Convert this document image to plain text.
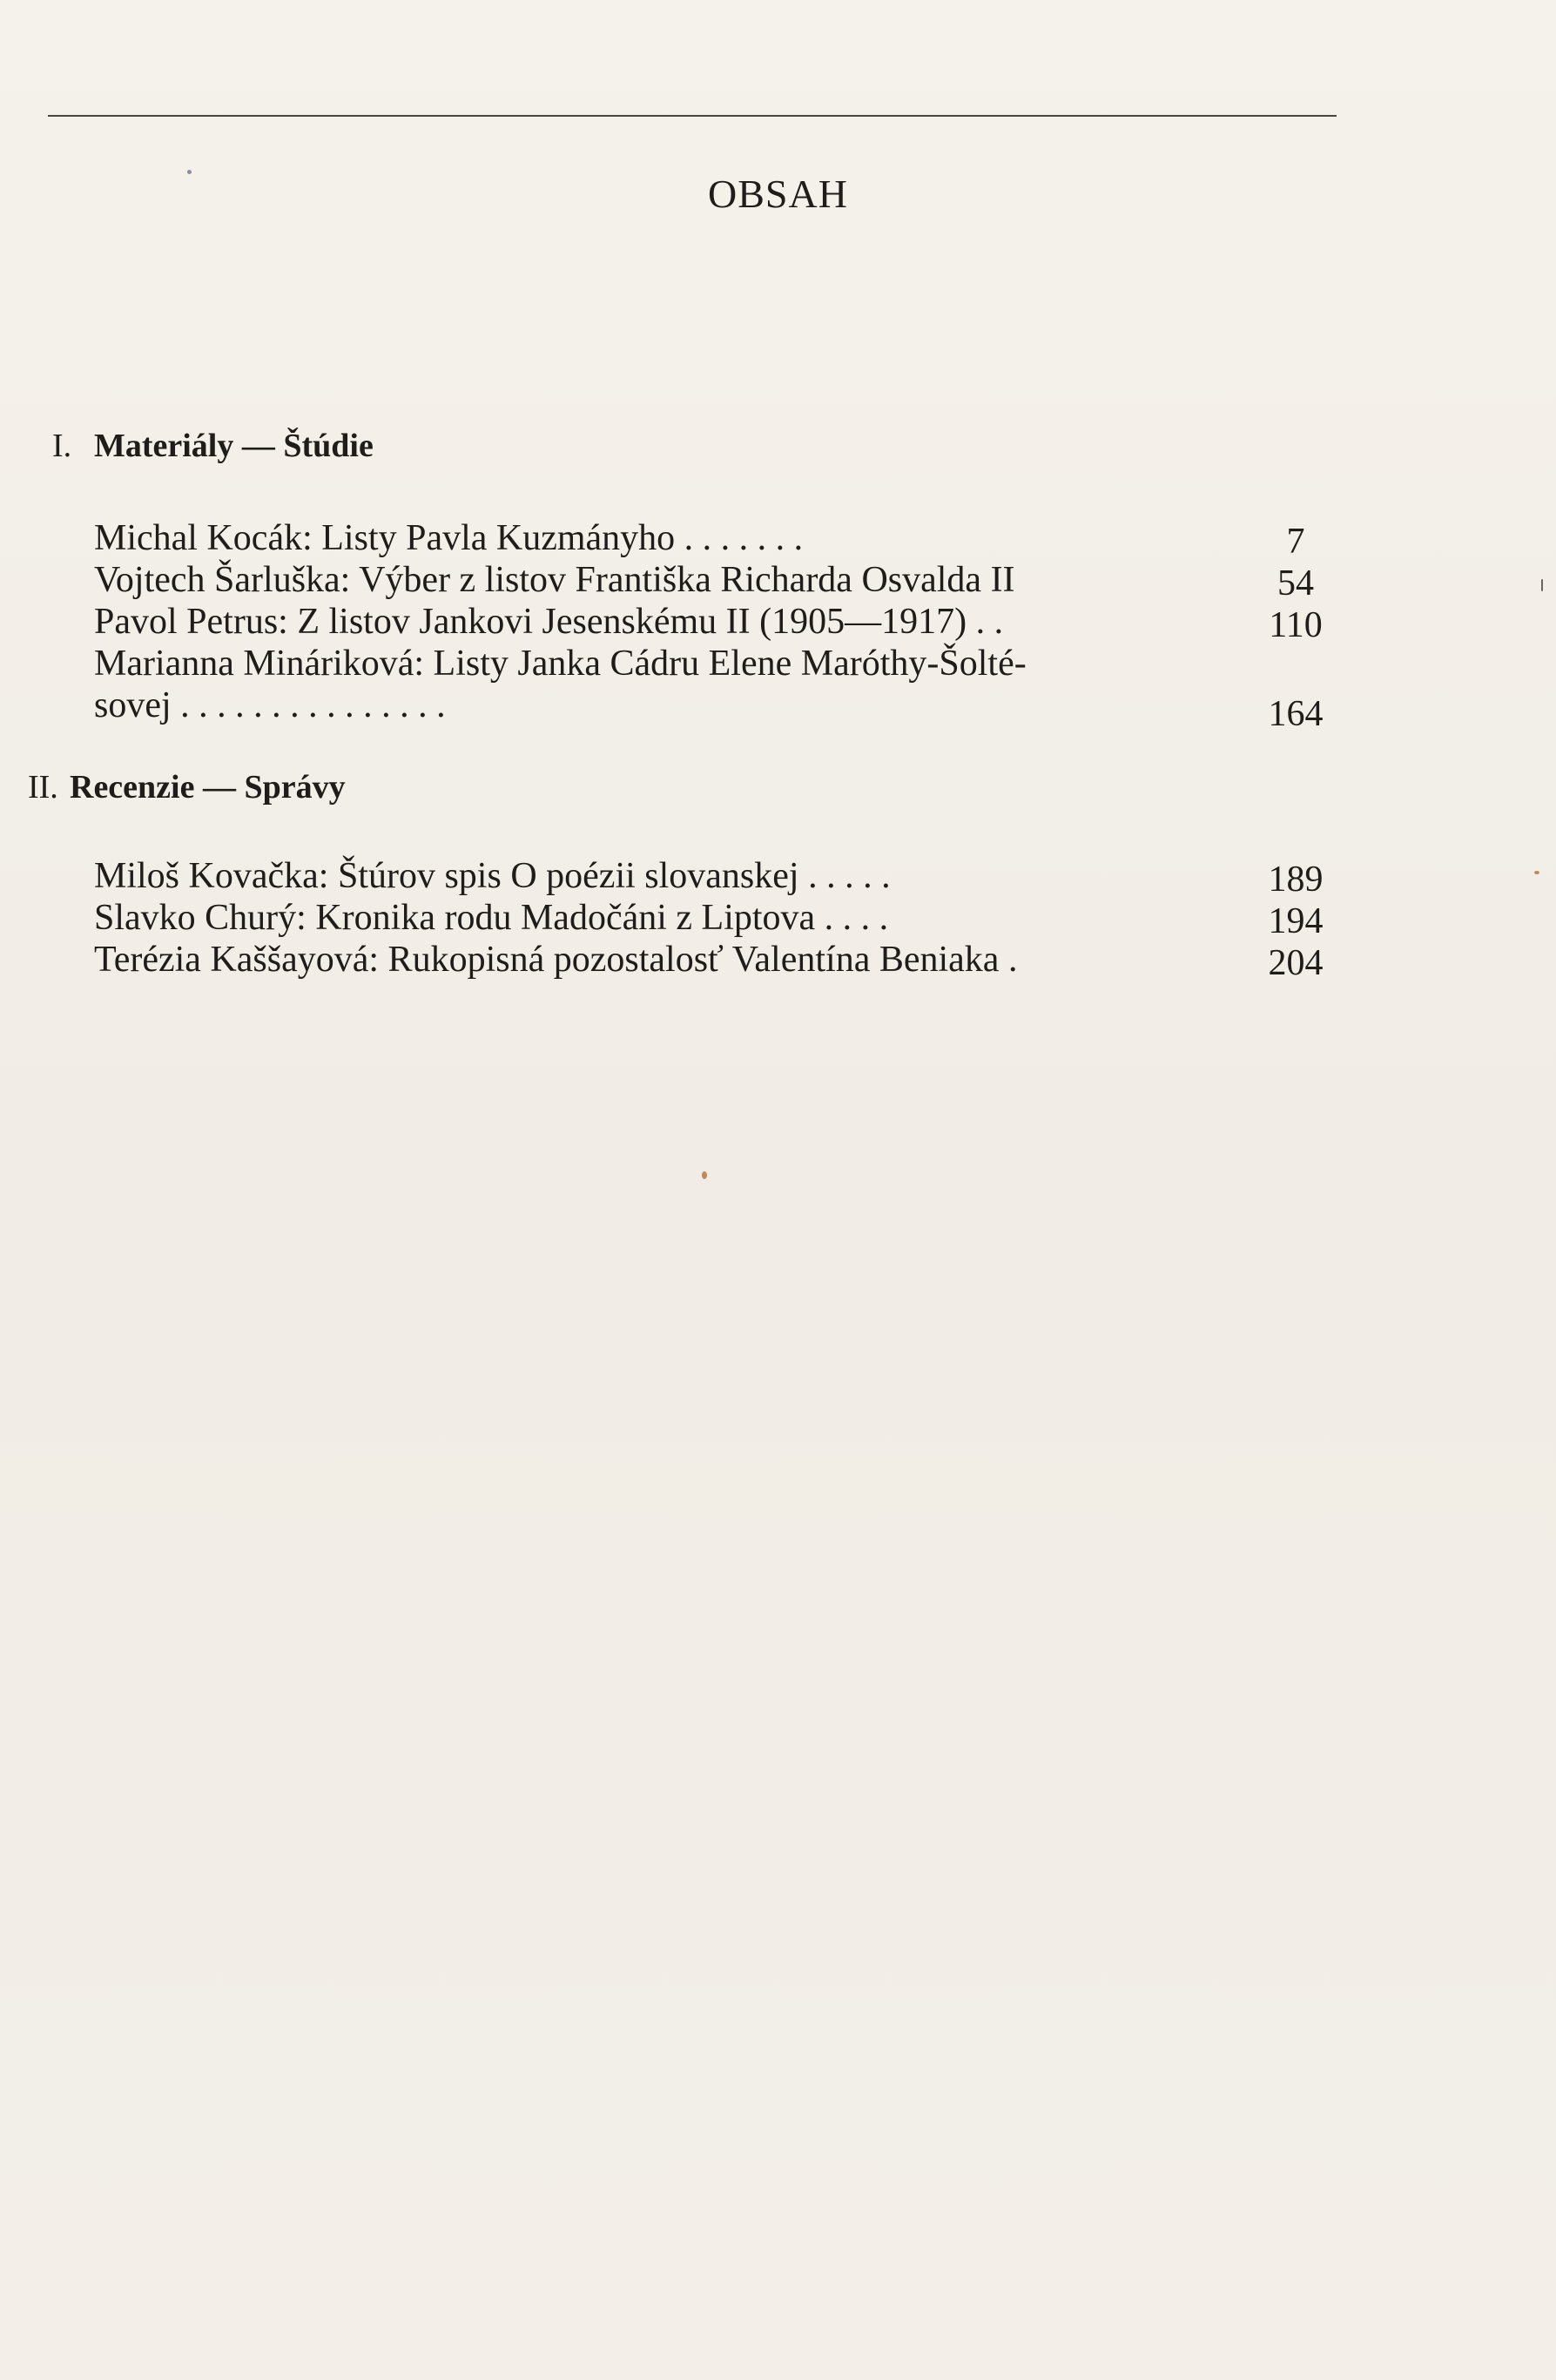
OBSAH
I. Materiály — Štúdie
Michal Kocák: Listy Pavla Kuzmányho . . . . . . .	7
Vojtech Šarluška: Výber z listov Františka Richarda Osvalda II	54
Pavol Petrus: Z listov Jankovi Jesenskému II (1905—1917) . .	110
Marianna Mináriková: Listy Janka Cádru Elene Maróthy-Šolté-
sovej . . . . . . . . . . . . . . .	164
II. Recenzie — Správy
Miloš Kovačka: Štúrov spis O poézii slovanskej . . . . .	189
Slavko Churý: Kronika rodu Madočáni z Liptova . . . .	194
Terézia Kaššayová: Rukopisná pozostalosť Valentína Beniaka .	204
